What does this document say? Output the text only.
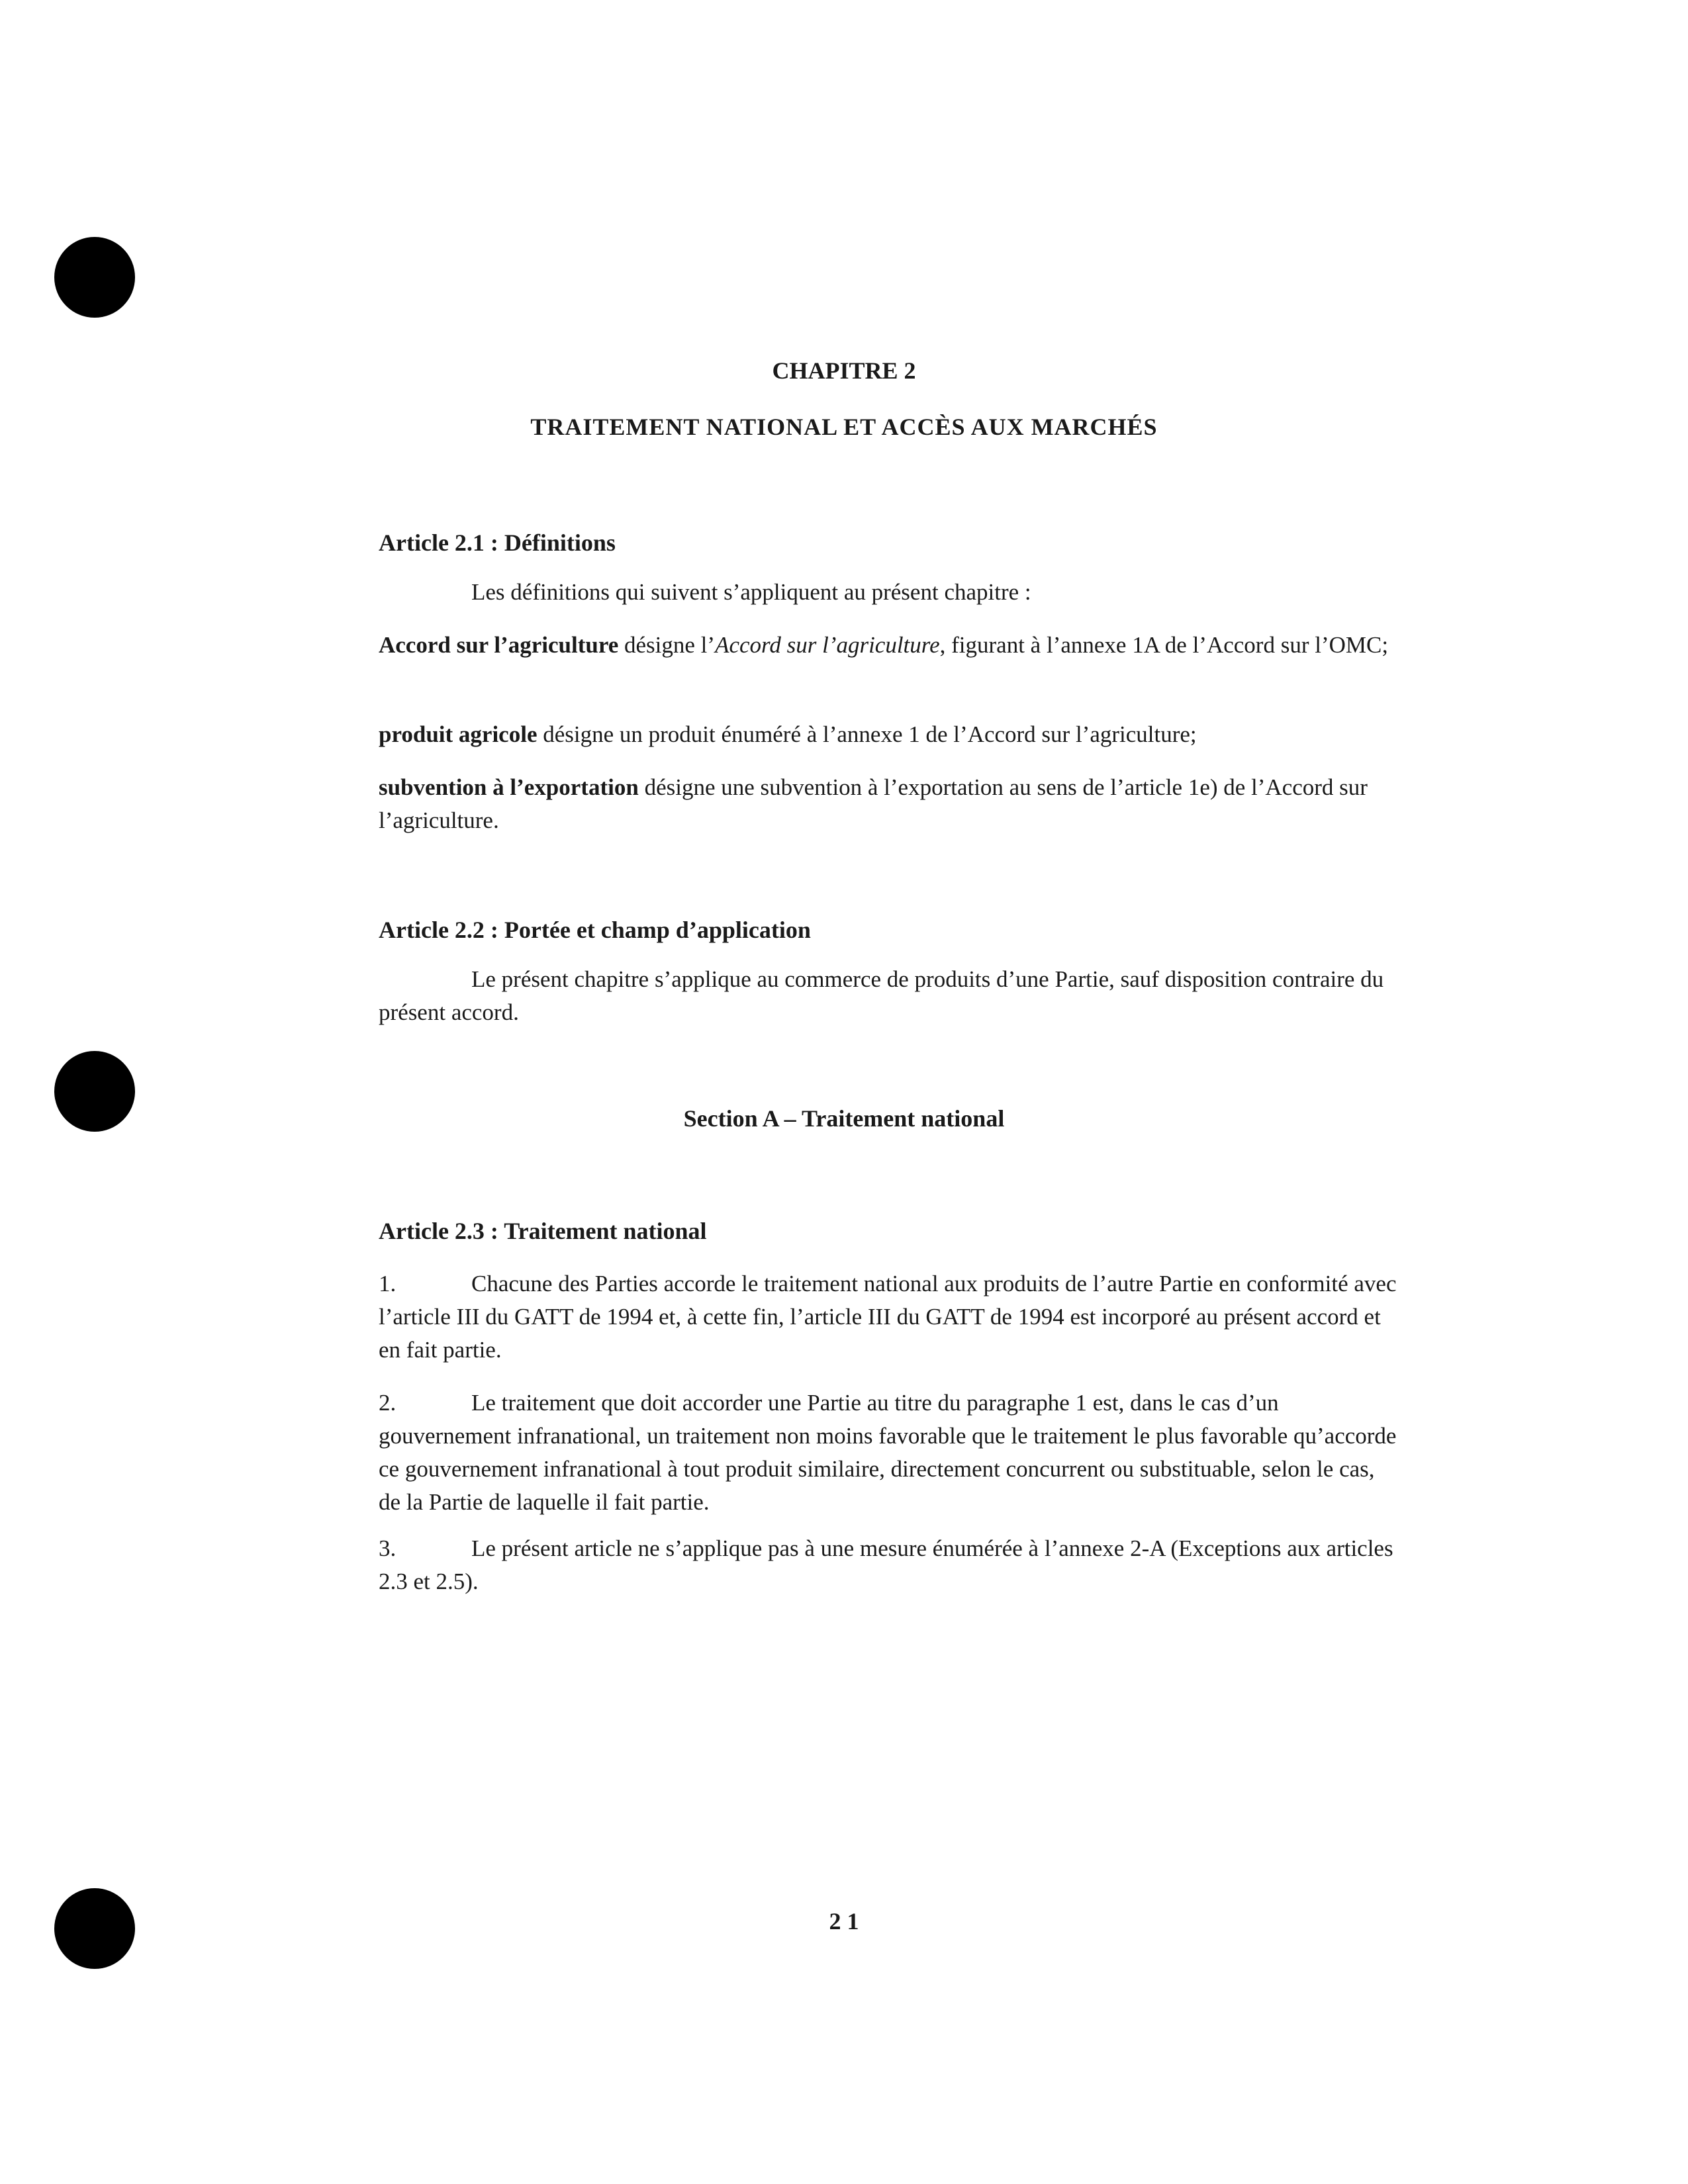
CHAPITRE 2

TRAITEMENT NATIONAL ET ACCÈS AUX MARCHÉS

Article 2.1 : Définitions

Les définitions qui suivent s’appliquent au présent chapitre :

Accord sur l’agriculture désigne l’Accord sur l’agriculture, figurant à l’annexe 1A de l’Accord sur l’OMC;

produit agricole désigne un produit énuméré à l’annexe 1 de l’Accord sur l’agriculture;

subvention à l’exportation désigne une subvention à l’exportation au sens de l’article 1e) de l’Accord sur l’agriculture.

Article 2.2 : Portée et champ d’application

Le présent chapitre s’applique au commerce de produits d’une Partie, sauf disposition contraire du présent accord.

Section A – Traitement national

Article 2.3 : Traitement national

1.	Chacune des Parties accorde le traitement national aux produits de l’autre Partie en conformité avec l’article III du GATT de 1994 et, à cette fin, l’article III du GATT de 1994 est incorporé au présent accord et en fait partie.

2.	Le traitement que doit accorder une Partie au titre du paragraphe 1 est, dans le cas d’un gouvernement infranational, un traitement non moins favorable que le traitement le plus favorable qu’accorde ce gouvernement infranational à tout produit similaire, directement concurrent ou substituable, selon le cas, de la Partie de laquelle il fait partie.

3.	Le présent article ne s’applique pas à une mesure énumérée à l’annexe 2-A (Exceptions aux articles 2.3 et 2.5).

2 1
